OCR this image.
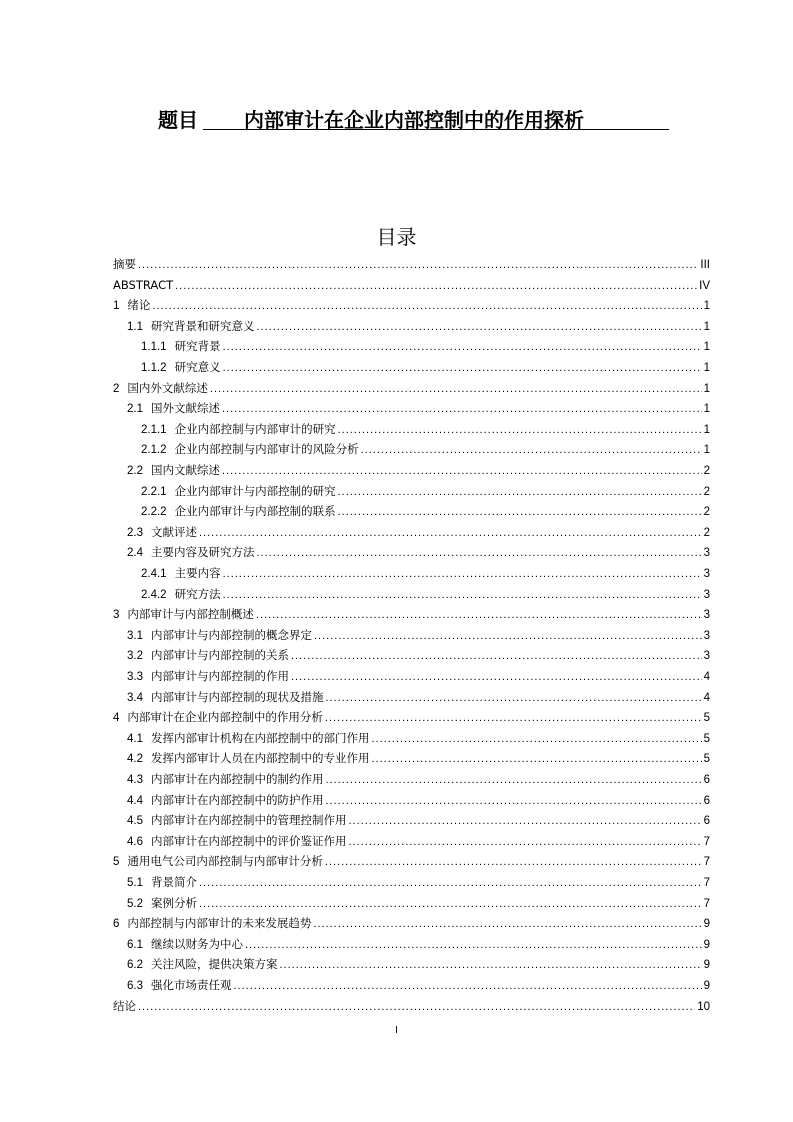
题目 内部审计在企业内部控制中的作用探析
目录
摘要 .....	III
ABSTRACT .....	IV
1 绪论 .....	1
1.1 研究背景和研究意义 .....	1
1.1.1 研究背景 .....	1
1.1.2 研究意义 .....	1
2 国内外文献综述 .....	1
2.1 国外文献综述 .....	1
2.1.1 企业内部控制与内部审计的研究 .....	1
2.1.2 企业内部控制与内部审计的风险分析 .....	1
2.2 国内文献综述 .....	2
2.2.1 企业内部审计与内部控制的研究 .....	2
2.2.2 企业内部审计与内部控制的联系 .....	2
2.3 文献评述 .....	2
2.4 主要内容及研究方法 .....	3
2.4.1 主要内容 .....	3
2.4.2 研究方法 .....	3
3 内部审计与内部控制概述 .....	3
3.1 内部审计与内部控制的概念界定 .....	3
3.2 内部审计与内部控制的关系 .....	3
3.3 内部审计与内部控制的作用 .....	4
3.4 内部审计与内部控制的现状及措施 .....	4
4 内部审计在企业内部控制中的作用分析 .....	5
4.1 发挥内部审计机构在内部控制中的部门作用 .....	5
4.2 发挥内部审计人员在内部控制中的专业作用 .....	5
4.3 内部审计在内部控制中的制约作用 .....	6
4.4 内部审计在内部控制中的防护作用 .....	6
4.5 内部审计在内部控制中的管理控制作用 .....	6
4.6 内部审计在内部控制中的评价鉴证作用 .....	7
5 通用电气公司内部控制与内部审计分析 .....	7
5.1 背景简介 .....	7
5.2 案例分析 .....	7
6 内部控制与内部审计的未来发展趋势 .....	9
6.1 继续以财务为中心 .....	9
6.2 关注风险，提供决策方案 .....	9
6.3 强化市场责任观 .....	9
结论 .....	10
I
